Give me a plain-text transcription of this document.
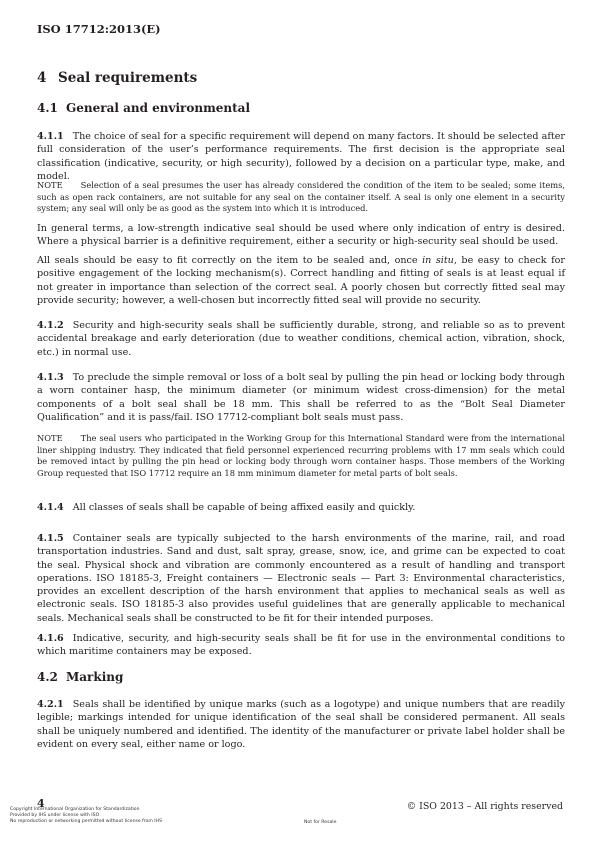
ISO 17712:2013(E)
4 Seal requirements
4.1 General and environmental
4.1.1 The choice of seal for a specific requirement will depend on many factors. It should be selected after full consideration of the user’s performance requirements. The first decision is the appropriate seal classification (indicative, security, or high security), followed by a decision on a particular type, make, and model.
NOTE Selection of a seal presumes the user has already considered the condition of the item to be sealed; some items, such as open rack containers, are not suitable for any seal on the container itself. A seal is only one element in a security system; any seal will only be as good as the system into which it is introduced.
In general terms, a low-strength indicative seal should be used where only indication of entry is desired. Where a physical barrier is a definitive requirement, either a security or high-security seal should be used.
All seals should be easy to fit correctly on the item to be sealed and, once in situ, be easy to check for positive engagement of the locking mechanism(s). Correct handling and fitting of seals is at least equal if not greater in importance than selection of the correct seal. A poorly chosen but correctly fitted seal may provide security; however, a well-chosen but incorrectly fitted seal will provide no security.
4.1.2 Security and high-security seals shall be sufficiently durable, strong, and reliable so as to prevent accidental breakage and early deterioration (due to weather conditions, chemical action, vibration, shock, etc.) in normal use.
4.1.3 To preclude the simple removal or loss of a bolt seal by pulling the pin head or locking body through a worn container hasp, the minimum diameter (or minimum widest cross-dimension) for the metal components of a bolt seal shall be 18 mm. This shall be referred to as the “Bolt Seal Diameter Qualification” and it is pass/fail. ISO 17712-compliant bolt seals must pass.
NOTE The seal users who participated in the Working Group for this International Standard were from the international liner shipping industry. They indicated that field personnel experienced recurring problems with 17 mm seals which could be removed intact by pulling the pin head or locking body through worn container hasps. Those members of the Working Group requested that ISO 17712 require an 18 mm minimum diameter for metal parts of bolt seals.
4.1.4 All classes of seals shall be capable of being affixed easily and quickly.
4.1.5 Container seals are typically subjected to the harsh environments of the marine, rail, and road transportation industries. Sand and dust, salt spray, grease, snow, ice, and grime can be expected to coat the seal. Physical shock and vibration are commonly encountered as a result of handling and transport operations. ISO 18185-3, Freight containers — Electronic seals — Part 3: Environmental characteristics, provides an excellent description of the harsh environment that applies to mechanical seals as well as electronic seals. ISO 18185-3 also provides useful guidelines that are generally applicable to mechanical seals. Mechanical seals shall be constructed to be fit for their intended purposes.
4.1.6 Indicative, security, and high-security seals shall be fit for use in the environmental conditions to which maritime containers may be exposed.
4.2 Marking
4.2.1 Seals shall be identified by unique marks (such as a logotype) and unique numbers that are readily legible; markings intended for unique identification of the seal shall be considered permanent. All seals shall be uniquely numbered and identified. The identity of the manufacturer or private label holder shall be evident on every seal, either name or logo.
4	© ISO 2013 – All rights reserved
Copyright International Organization for Standardization
Provided by IHS under license with ISO
No reproduction or networking permitted without license from IHS	Not for Resale
